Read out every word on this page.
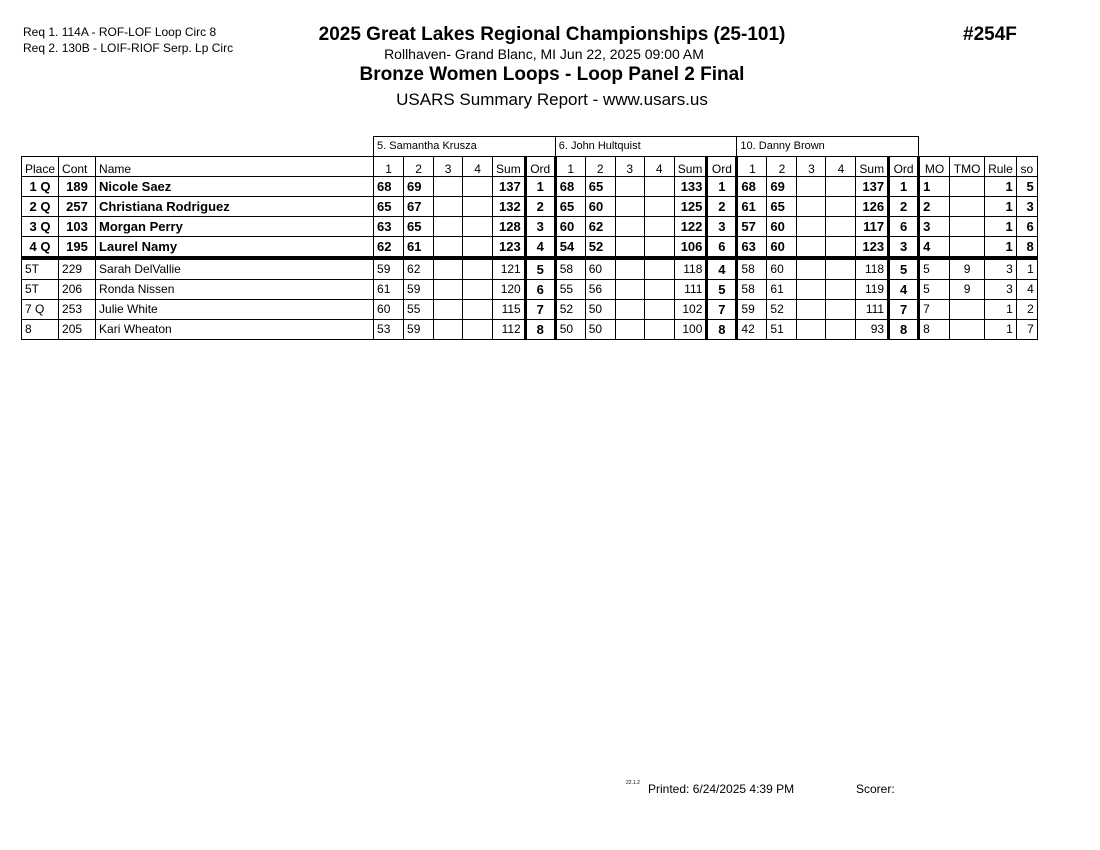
Req 1. 114A - ROF-LOF Loop Circ 8
Req 2. 130B - LOIF-RIOF Serp. Lp Circ
2025 Great Lakes Regional Championships (25-101)
Rollhaven- Grand Blanc, MI Jun 22, 2025 09:00 AM
Bronze Women Loops - Loop Panel 2 Final
USARS Summary Report - www.usars.us
#254F
			5. Samantha Krusza						6. John Hultquist						10. Danny Brown									
Place	Cont	Name	1	2	3	4	Sum	Ord	1	2	3	4	Sum	Ord	1	2	3	4	Sum	Ord	MO	TMO	Rule	so
1 Q	189	Nicole Saez	68	69			137	1	68	65			133	1	68	69			137	1	1		1	5
2 Q	257	Christiana Rodriguez	65	67			132	2	65	60			125	2	61	65			126	2	2		1	3
3 Q	103	Morgan Perry	63	65			128	3	60	62			122	3	57	60			117	6	3		1	6
4 Q	195	Laurel Namy	62	61			123	4	54	52			106	6	63	60			123	3	4		1	8
5T	229	Sarah DelVallie	59	62			121	5	58	60			118	4	58	60			118	5	5	9	3	1
5T	206	Ronda Nissen	61	59			120	6	55	56			111	5	58	61			119	4	5	9	3	4
7 Q	253	Julie White	60	55			115	7	52	50			102	7	59	52			111	7	7		1	2
8	205	Kari Wheaton	53	59			112	8	50	50			100	8	42	51			93	8	8		1	7
22.1.2 Printed: 6/24/2025 4:39 PM	Scorer:
